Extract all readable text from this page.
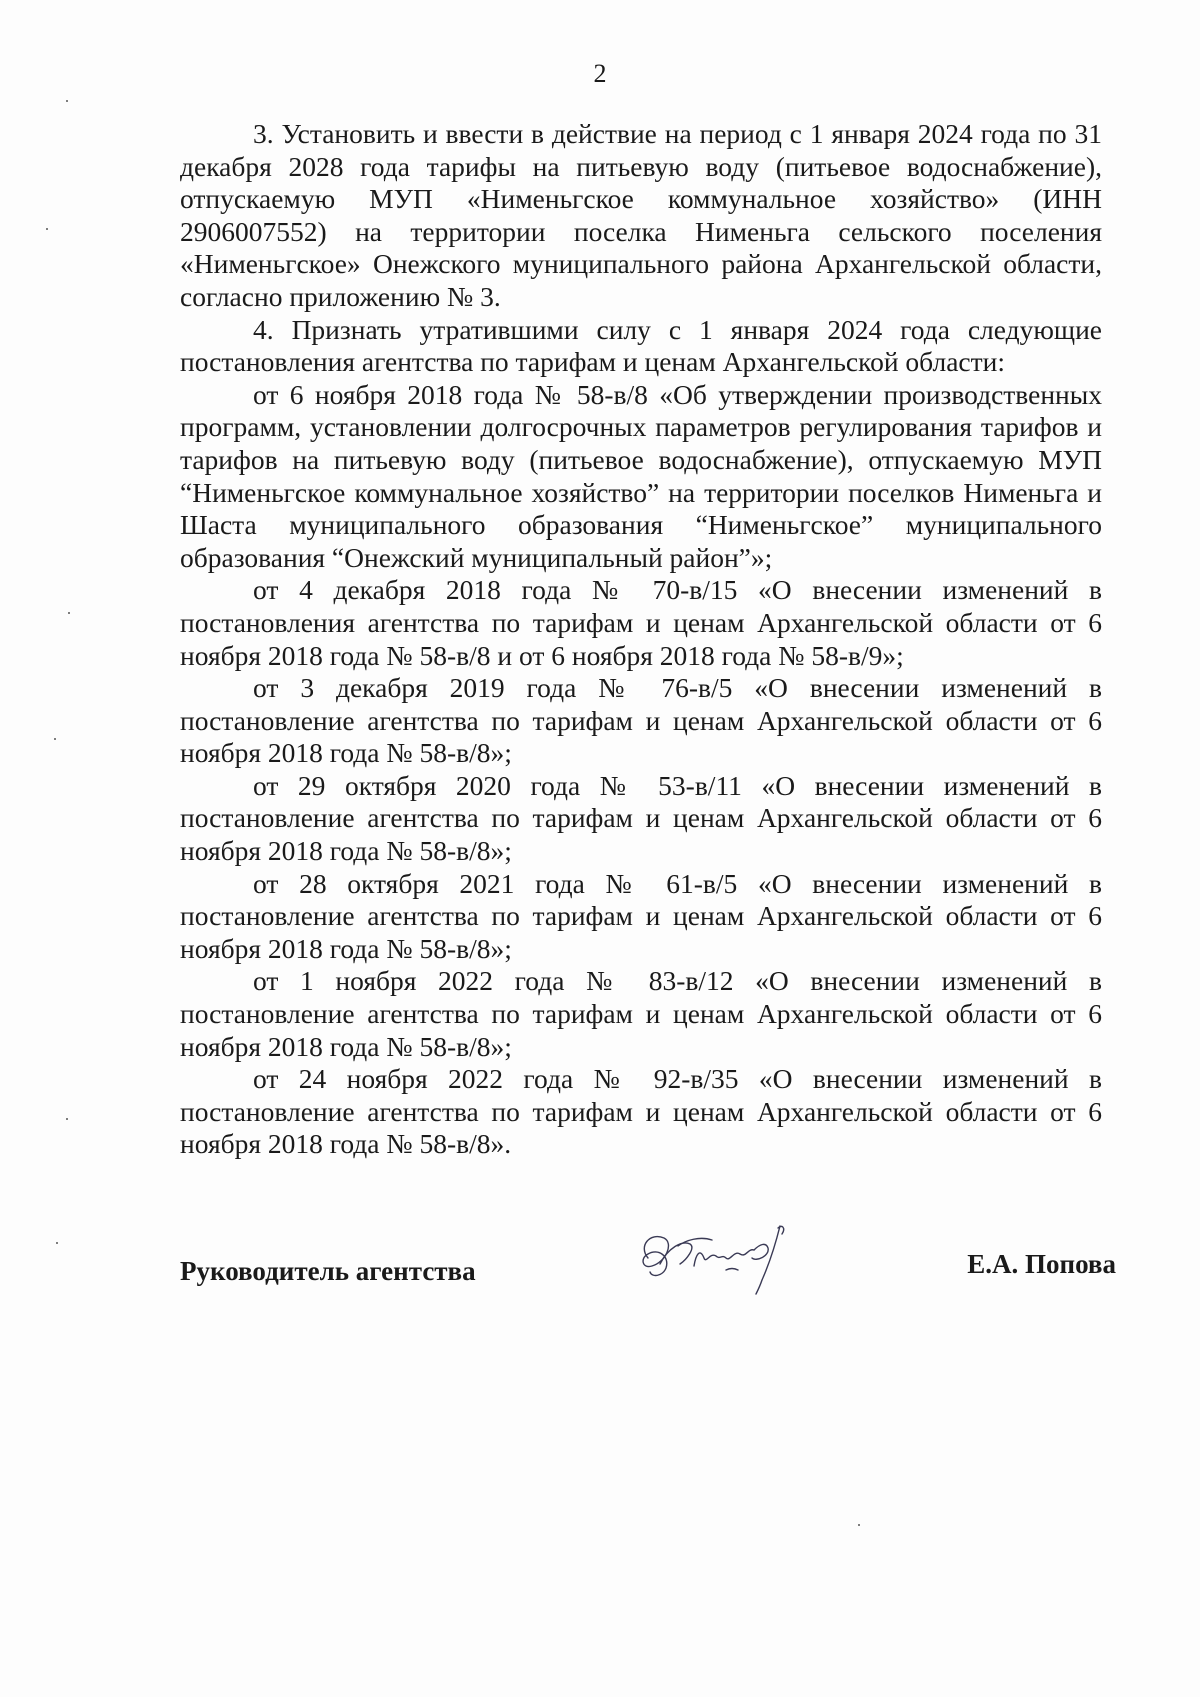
2

3. Установить и ввести в действие на период с 1 января 2024 года по 31 декабря 2028 года тарифы на питьевую воду (питьевое водоснабжение), отпускаемую МУП «Нименьгское коммунальное хозяйство» (ИНН 2906007552) на территории поселка Нименьга сельского поселения «Нименьгское» Онежского муниципального района Архангельской области, согласно приложению № 3.

4. Признать утратившими силу с 1 января 2024 года следующие постановления агентства по тарифам и ценам Архангельской области:

от 6 ноября 2018 года № 58-в/8 «Об утверждении производственных программ, установлении долгосрочных параметров регулирования тарифов и тарифов на питьевую воду (питьевое водоснабжение), отпускаемую МУП “Нименьгское коммунальное хозяйство” на территории поселков Нименьга и Шаста муниципального образования “Нименьгское” муниципального образования “Онежский муниципальный район”»;

от 4 декабря 2018 года № 70-в/15 «О внесении изменений в постановления агентства по тарифам и ценам Архангельской области от 6 ноября 2018 года № 58-в/8 и от 6 ноября 2018 года № 58-в/9»;

от 3 декабря 2019 года № 76-в/5 «О внесении изменений в постановление агентства по тарифам и ценам Архангельской области от 6 ноября 2018 года № 58-в/8»;

от 29 октября 2020 года № 53-в/11 «О внесении изменений в постановление агентства по тарифам и ценам Архангельской области от 6 ноября 2018 года № 58-в/8»;

от 28 октября 2021 года № 61-в/5 «О внесении изменений в постановление агентства по тарифам и ценам Архангельской области от 6 ноября 2018 года № 58-в/8»;

от 1 ноября 2022 года № 83-в/12 «О внесении изменений в постановление агентства по тарифам и ценам Архангельской области от 6 ноября 2018 года № 58-в/8»;

от 24 ноября 2022 года № 92-в/35 «О внесении изменений в постановление агентства по тарифам и ценам Архангельской области от 6 ноября 2018 года № 58-в/8».

Руководитель агентства	Е.А. Попова
